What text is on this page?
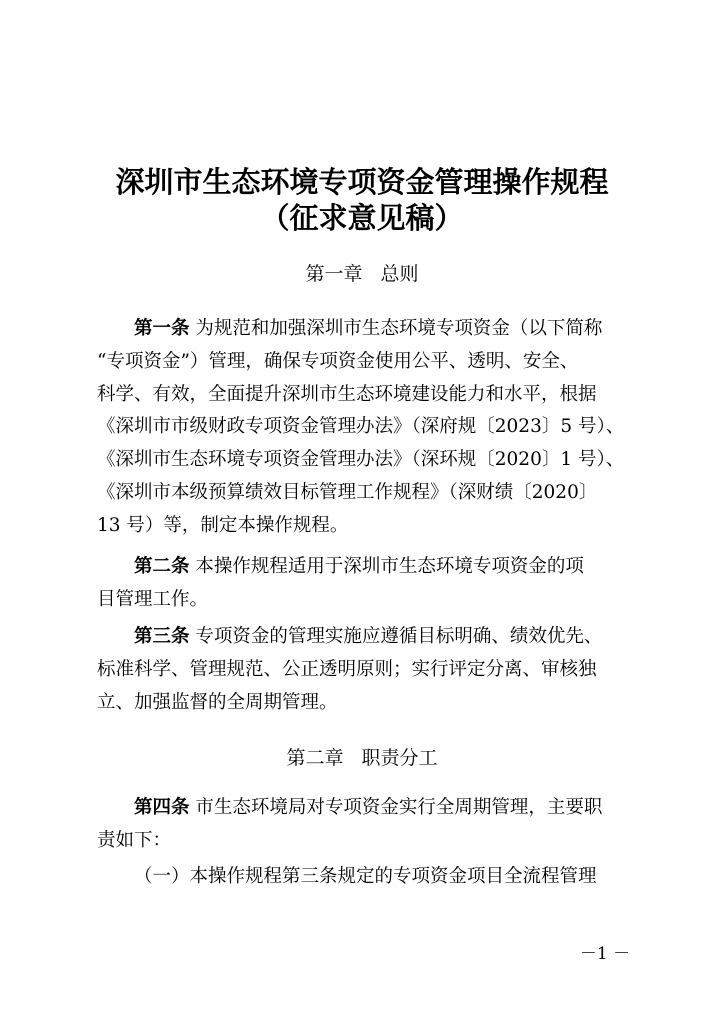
深圳市生态环境专项资金管理操作规程
（征求意见稿）
第一章 总则
第一条 为规范和加强深圳市生态环境专项资金（以下简称
“专项资金”）管理，确保专项资金使用公平、透明、安全、
科学、有效，全面提升深圳市生态环境建设能力和水平，根据
《深圳市市级财政专项资金管理办法》（深府规〔2023〕5 号）、
《深圳市生态环境专项资金管理办法》（深环规〔2020〕1 号）、
《深圳市本级预算绩效目标管理工作规程》（深财绩〔2020〕
13 号）等，制定本操作规程。
第二条 本操作规程适用于深圳市生态环境专项资金的项
目管理工作。
第三条 专项资金的管理实施应遵循目标明确、绩效优先、
标准科学、管理规范、公正透明原则；实行评定分离、审核独
立、加强监督的全周期管理。
第二章 职责分工
第四条 市生态环境局对专项资金实行全周期管理，主要职
责如下：
（一）本操作规程第三条规定的专项资金项目全流程管理
－1 －
